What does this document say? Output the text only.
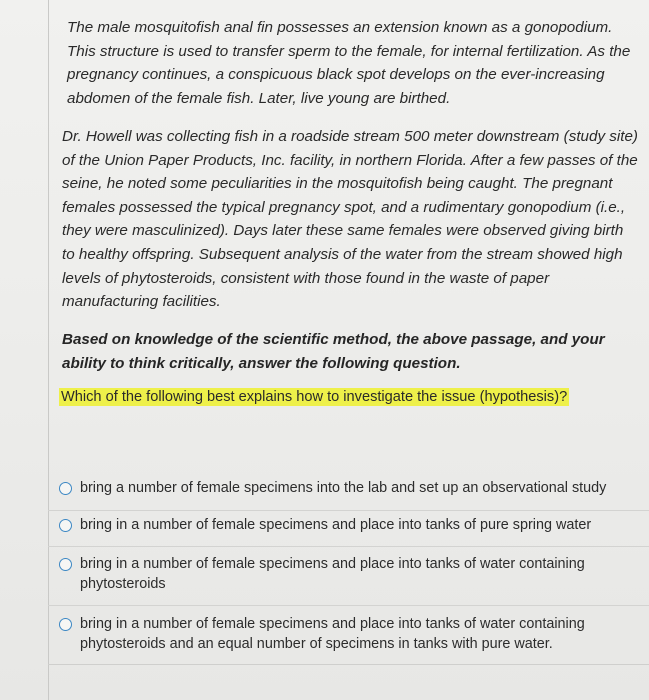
The male mosquitofish anal fin possesses an extension known as a gonopodium. This structure is used to transfer sperm to the female, for internal fertilization. As the pregnancy continues, a conspicuous black spot develops on the ever-increasing abdomen of the female fish. Later, live young are birthed.

Dr. Howell was collecting fish in a roadside stream 500 meter downstream (study site) of the Union Paper Products, Inc. facility, in northern Florida. After a few passes of the seine, he noted some peculiarities in the mosquitofish being caught. The pregnant females possessed the typical pregnancy spot, and a rudimentary gonopodium (i.e., they were masculinized). Days later these same females were observed giving birth to healthy offspring. Subsequent analysis of the water from the stream showed high levels of phytosteroids, consistent with those found in the waste of paper manufacturing facilities.

Based on knowledge of the scientific method, the above passage, and your ability to think critically, answer the following question.

Which of the following best explains how to investigate the issue (hypothesis)?

bring a number of female specimens into the lab and set up an observational study
bring in a number of female specimens and place into tanks of pure spring water
bring in a number of female specimens and place into tanks of water containing phytosteroids
bring in a number of female specimens and place into tanks of water containing phytosteroids and an equal number of specimens in tanks with pure water.
